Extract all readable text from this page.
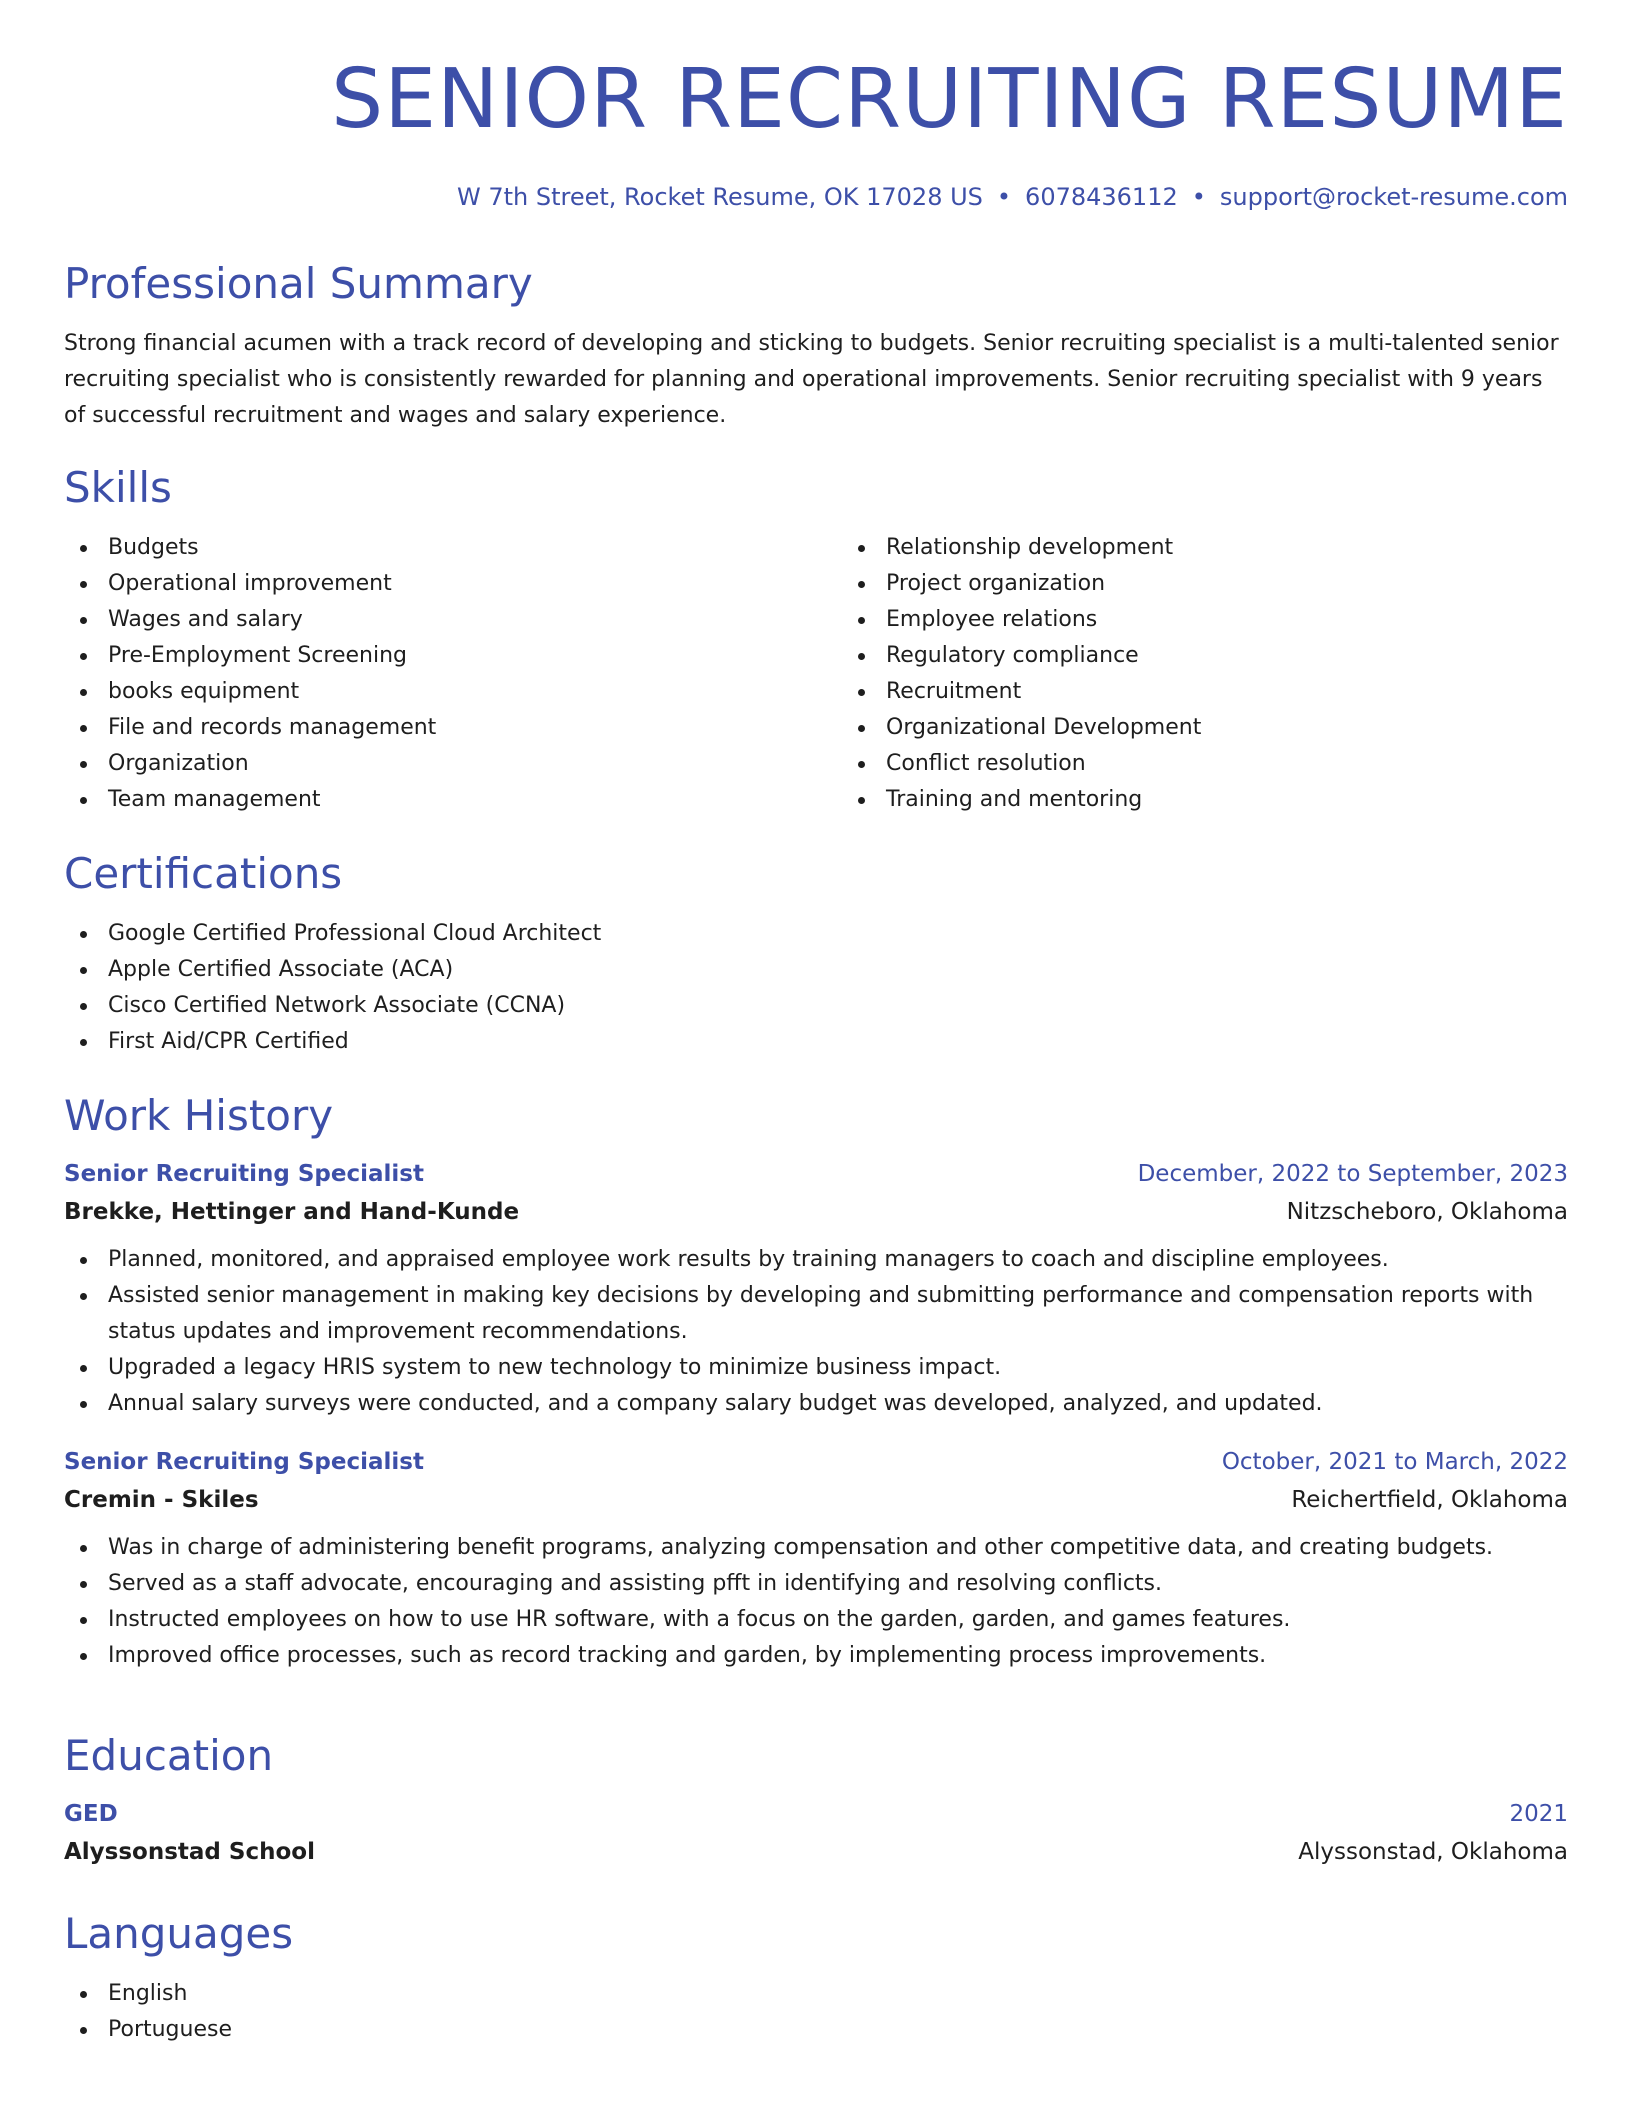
SENIOR RECRUITING RESUME
W 7th Street, Rocket Resume, OK 17028 US • 6078436112 • support@rocket-resume.com
Professional Summary

Strong financial acumen with a track record of developing and sticking to budgets. Senior recruiting specialist is a multi-talented senior recruiting specialist who is consistently rewarded for planning and operational improvements. Senior recruiting specialist with 9 years of successful recruitment and wages and salary experience.

Skills
Budgets
Operational improvement
Wages and salary
Pre-Employment Screening
books equipment
File and records management
Organization
Team management
Relationship development
Project organization
Employee relations
Regulatory compliance
Recruitment
Organizational Development
Conflict resolution
Training and mentoring
Certifications
Google Certified Professional Cloud Architect
Apple Certified Associate (ACA)
Cisco Certified Network Associate (CCNA)
First Aid/CPR Certified
Work History
Senior Recruiting Specialist	December, 2022 to September, 2023
Brekke, Hettinger and Hand-Kunde	Nitzscheboro, Oklahoma
Planned, monitored, and appraised employee work results by training managers to coach and discipline employees.
Assisted senior management in making key decisions by developing and submitting performance and compensation reports with status updates and improvement recommendations.
Upgraded a legacy HRIS system to new technology to minimize business impact.
Annual salary surveys were conducted, and a company salary budget was developed, analyzed, and updated.
Senior Recruiting Specialist	October, 2021 to March, 2022
Cremin - Skiles	Reichertfield, Oklahoma
Was in charge of administering benefit programs, analyzing compensation and other competitive data, and creating budgets.
Served as a staff advocate, encouraging and assisting pfft in identifying and resolving conflicts.
Instructed employees on how to use HR software, with a focus on the garden, garden, and games features.
Improved office processes, such as record tracking and garden, by implementing process improvements.
Education
GED	2021
Alyssonstad School	Alyssonstad, Oklahoma
Languages
English
Portuguese
